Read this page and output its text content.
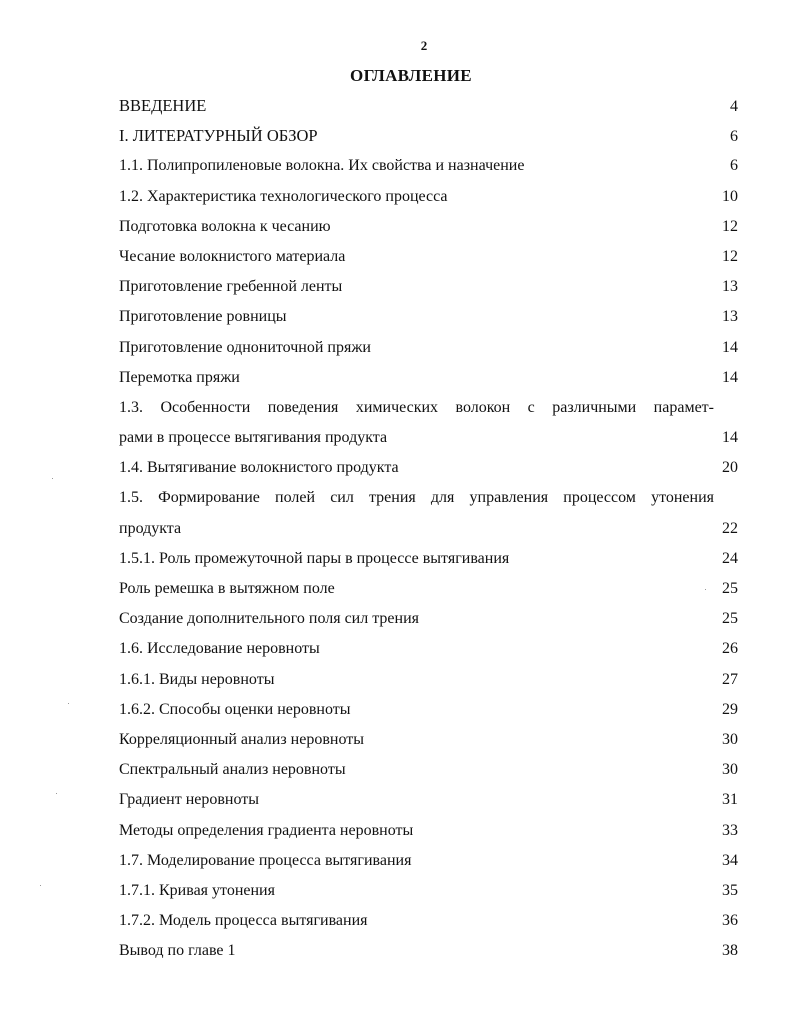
2
ОГЛАВЛЕНИЕ
ВВЕДЕНИЕ	4
I. ЛИТЕРАТУРНЫЙ ОБЗОР	6
1.1. Полипропиленовые волокна. Их свойства и назначение	6
1.2. Характеристика технологического процесса	10
Подготовка волокна к чесанию	12
Чесание волокнистого материала	12
Приготовление гребенной ленты	13
Приготовление ровницы	13
Приготовление однониточной пряжи	14
Перемотка пряжи	14
1.3. Особенности поведения химических волокон с различными парамет-
рами в процессе вытягивания продукта	14
1.4. Вытягивание волокнистого продукта	20
1.5. Формирование полей сил трения для управления процессом утонения
продукта	22
1.5.1. Роль промежуточной пары в процессе вытягивания	24
Роль ремешка в вытяжном поле	25
Создание дополнительного поля сил трения	25
1.6. Исследование неровноты	26
1.6.1. Виды неровноты	27
1.6.2. Способы оценки неровноты	29
Корреляционный анализ неровноты	30
Спектральный анализ неровноты	30
Градиент неровноты	31
Методы определения градиента неровноты	33
1.7. Моделирование процесса вытягивания	34
1.7.1. Кривая утонения	35
1.7.2. Модель процесса вытягивания	36
Вывод по главе 1	38
